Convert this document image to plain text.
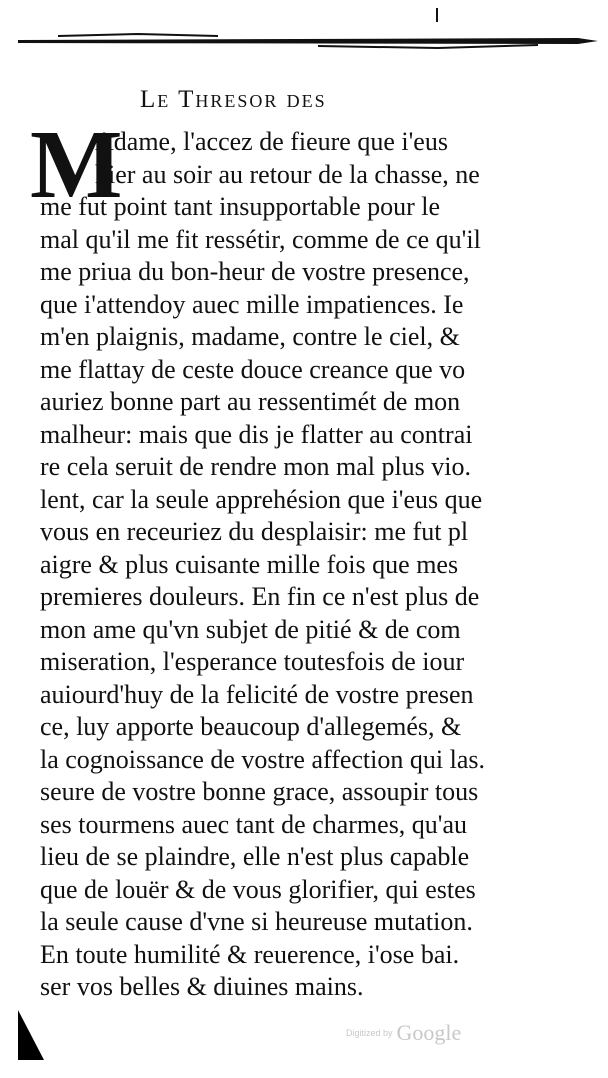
Le Thresor des
M
Adame, l'accez de fieure que i'eus
hier au soir au retour de la chasse, ne
me fut point tant insupportable pour le
mal qu'il me fit ressétir, comme de ce qu'il
me priua du bon-heur de vostre presence,
que i'attendoy auec mille impatiences. Ie
m'en plaignis, madame, contre le ciel, &
me flattay de ceste douce creance que vo
auriez bonne part au ressentimét de mon
malheur: mais que dis je flatter au contrai
re cela seruit de rendre mon mal plus vio.
lent, car la seule apprehésion que i'eus que
vous en receuriez du desplaisir: me fut pl
aigre & plus cuisante mille fois que mes
premieres douleurs. En fin ce n'est plus de
mon ame qu'vn subjet de pitié & de com
miseration, l'esperance toutesfois de iour
auiourd'huy de la felicité de vostre presen
ce, luy apporte beaucoup d'allegemés, &
la cognoissance de vostre affection qui las.
seure de vostre bonne grace, assoupir tous
ses tourmens auec tant de charmes, qu'au
lieu de se plaindre, elle n'est plus capable
que de louër & de vous glorifier, qui estes
la seule cause d'vne si heureuse mutation.
En toute humilité & reuerence, i'ose bai.
ser vos belles & diuines mains.
Digitized by Google
